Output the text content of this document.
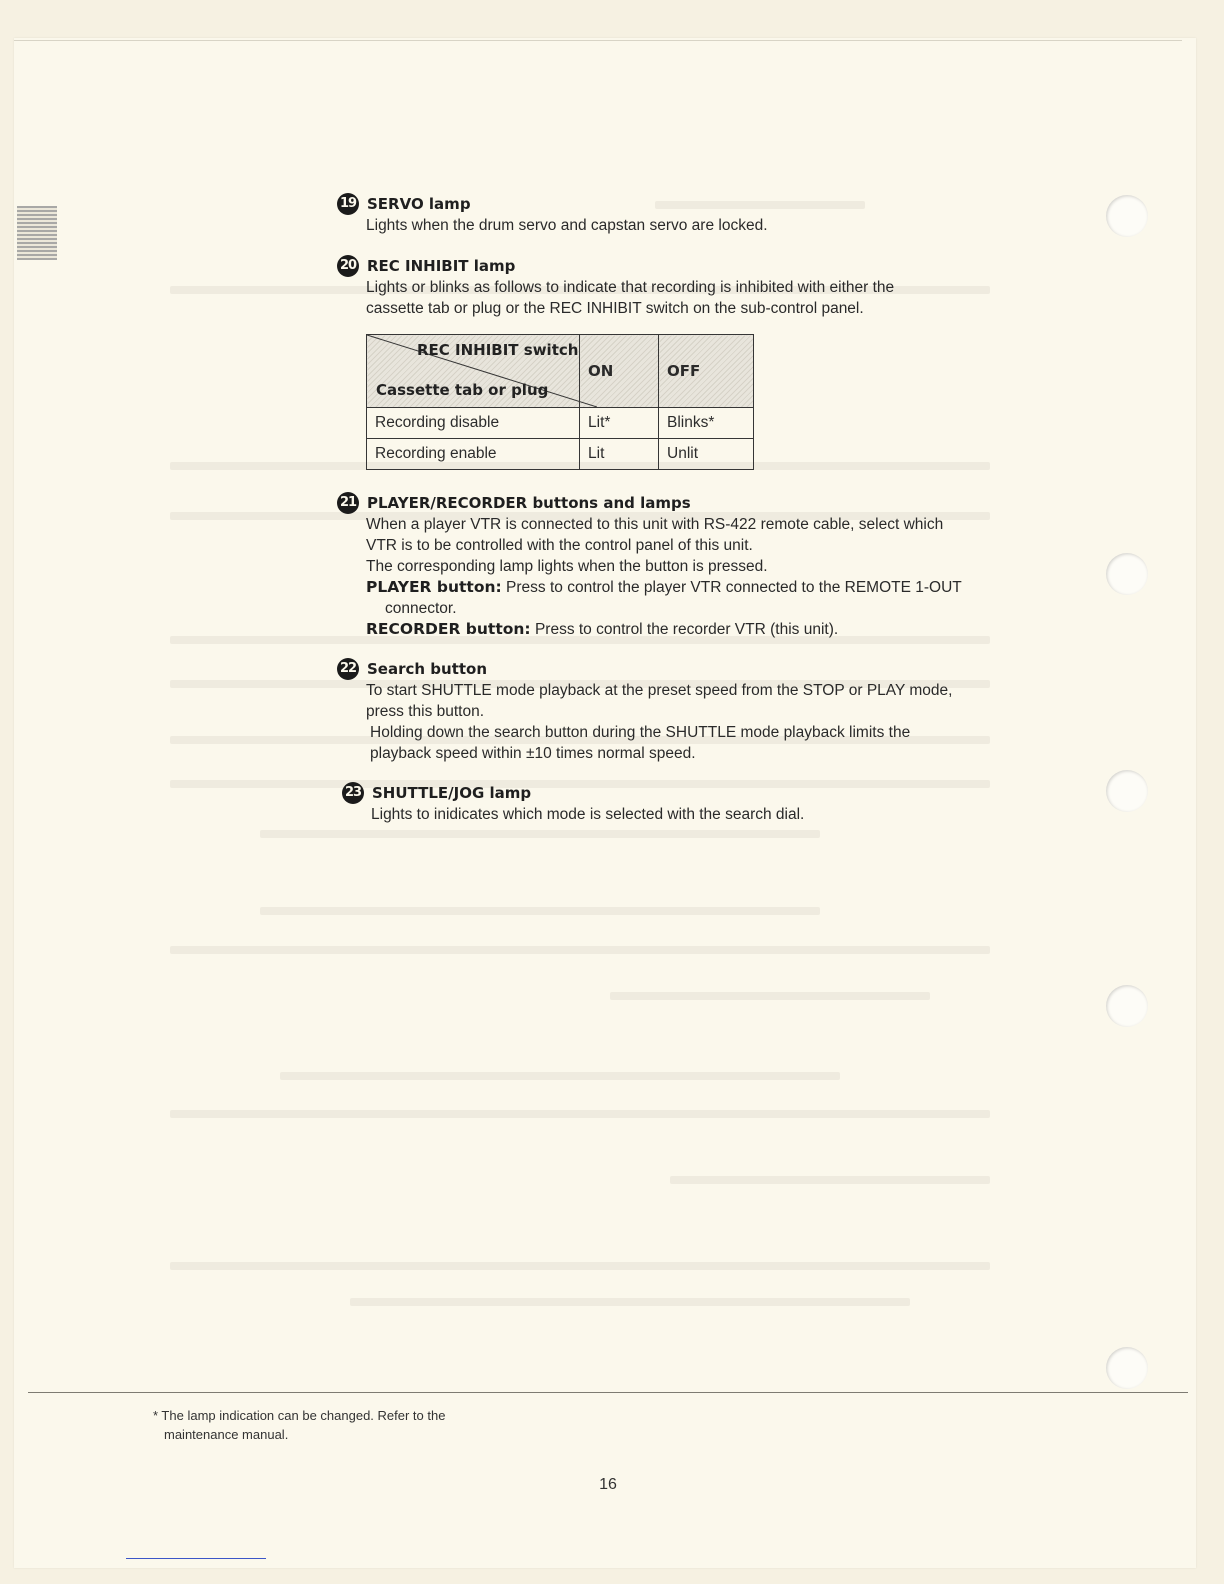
19 SERVO lamp

Lights when the drum servo and capstan servo are locked.

20 REC INHIBIT lamp

Lights or blinks as follows to indicate that recording is inhibited with either the

cassette tab or plug or the REC INHIBIT switch on the sub-control panel.

REC INHIBIT switch
Cassette tab or plug	ON	OFF
Recording disable	Lit*	Blinks*
Recording enable	Lit	Unlit
21 PLAYER/RECORDER buttons and lamps

When a player VTR is connected to this unit with RS-422 remote cable, select which

VTR is to be controlled with the control panel of this unit.

The corresponding lamp lights when the button is pressed.

PLAYER button: Press to control the player VTR connected to the REMOTE 1-OUT

connector.

RECORDER button: Press to control the recorder VTR (this unit).

22 Search button

To start SHUTTLE mode playback at the preset speed from the STOP or PLAY mode,

press this button.

Holding down the search button during the SHUTTLE mode playback limits the

playback speed within ±10 times normal speed.

23 SHUTTLE/JOG lamp

Lights to inidicates which mode is selected with the search dial.

* The lamp indication can be changed. Refer to the

maintenance manual.

16
